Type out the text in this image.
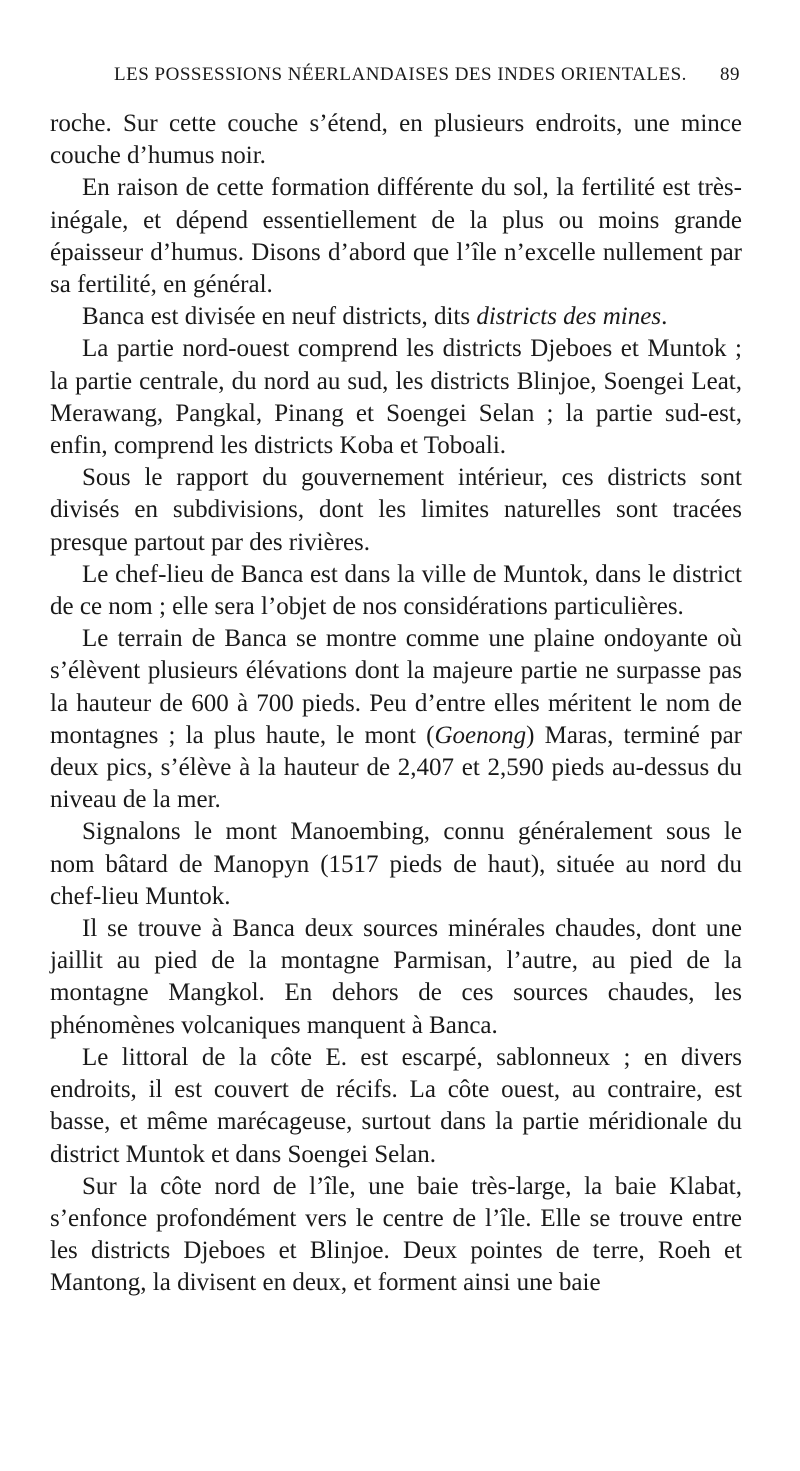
LES POSSESSIONS NÉERLANDAISES DES INDES ORIENTALES. 89

roche. Sur cette couche s’étend, en plusieurs endroits, une mince couche d’humus noir.

En raison de cette formation différente du sol, la fertilité est très-inégale, et dépend essentiellement de la plus ou moins grande épaisseur d’humus. Disons d’abord que l’île n’excelle nullement par sa fertilité, en général.

Banca est divisée en neuf districts, dits districts des mines.

La partie nord-ouest comprend les districts Djeboes et Muntok ; la partie centrale, du nord au sud, les districts Blinjoe, Soengei Leat, Merawang, Pangkal, Pinang et Soengei Selan ; la partie sud-est, enfin, comprend les districts Koba et Toboali.

Sous le rapport du gouvernement intérieur, ces districts sont divisés en subdivisions, dont les limites naturelles sont tracées presque partout par des rivières.

Le chef-lieu de Banca est dans la ville de Muntok, dans le district de ce nom ; elle sera l’objet de nos considérations particulières.

Le terrain de Banca se montre comme une plaine ondoyante où s’élèvent plusieurs élévations dont la majeure partie ne surpasse pas la hauteur de 600 à 700 pieds. Peu d’entre elles méritent le nom de montagnes ; la plus haute, le mont (Goenong) Maras, terminé par deux pics, s’élève à la hauteur de 2,407 et 2,590 pieds au-dessus du niveau de la mer.

Signalons le mont Manoembing, connu généralement sous le nom bâtard de Manopyn (1517 pieds de haut), située au nord du chef-lieu Muntok.

Il se trouve à Banca deux sources minérales chaudes, dont une jaillit au pied de la montagne Parmisan, l’autre, au pied de la montagne Mangkol. En dehors de ces sources chaudes, les phénomènes volcaniques manquent à Banca.

Le littoral de la côte E. est escarpé, sablonneux ; en divers endroits, il est couvert de récifs. La côte ouest, au contraire, est basse, et même marécageuse, surtout dans la partie méridionale du district Muntok et dans Soengei Selan.

Sur la côte nord de l’île, une baie très-large, la baie Klabat, s’enfonce profondément vers le centre de l’île. Elle se trouve entre les districts Djeboes et Blinjoe. Deux pointes de terre, Roeh et Mantong, la divisent en deux, et forment ainsi une baie
